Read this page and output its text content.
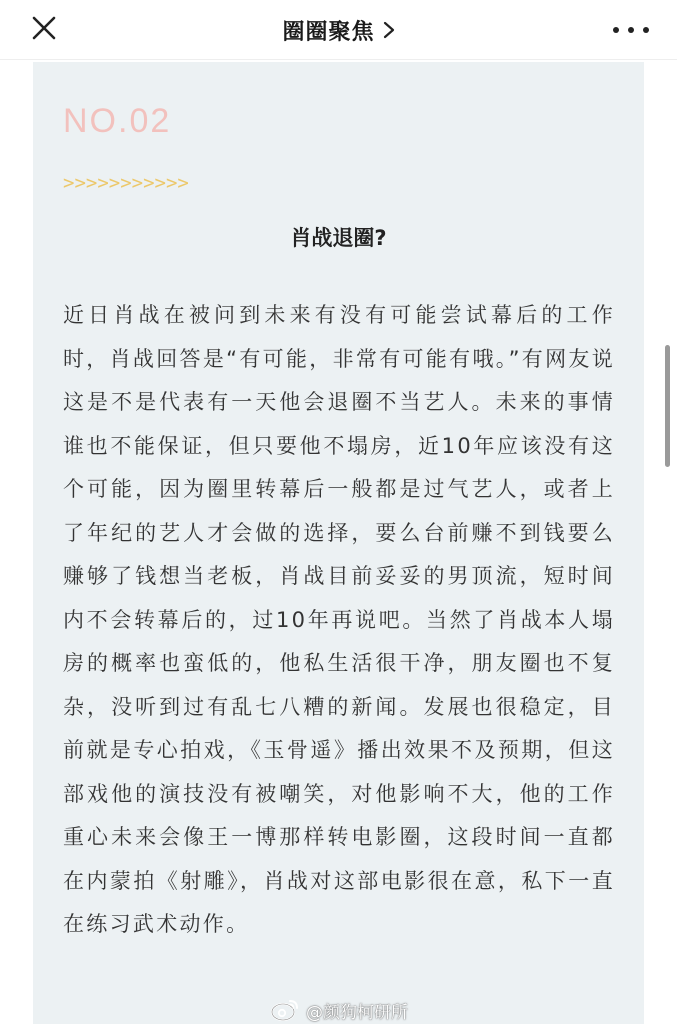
圈圈聚焦
NO.02
>>>>>>>>>>>
肖战退圈?
近日肖战在被问到未来有没有可能尝试幕后的工作时，肖战回答是“有可能，非常有可能有哦。”有网友说这是不是代表有一天他会退圈不当艺人。未来的事情谁也不能保证，但只要他不塌房，近10年应该没有这个可能，因为圈里转幕后一般都是过气艺人，或者上了年纪的艺人才会做的选择，要么台前赚不到钱要么赚够了钱想当老板，肖战目前妥妥的男顶流，短时间内不会转幕后的，过10年再说吧。当然了肖战本人塌房的概率也蛮低的，他私生活很干净，朋友圈也不复杂，没听到过有乱七八糟的新闻。发展也很稳定，目前就是专心拍戏，《玉骨遥》播出效果不及预期，但这部戏他的演技没有被嘲笑，对他影响不大，他的工作重心未来会像王一博那样转电影圈，这段时间一直都在内蒙拍《射雕》，肖战对这部电影很在意，私下一直在练习武术动作。
@颜狗柯研所
